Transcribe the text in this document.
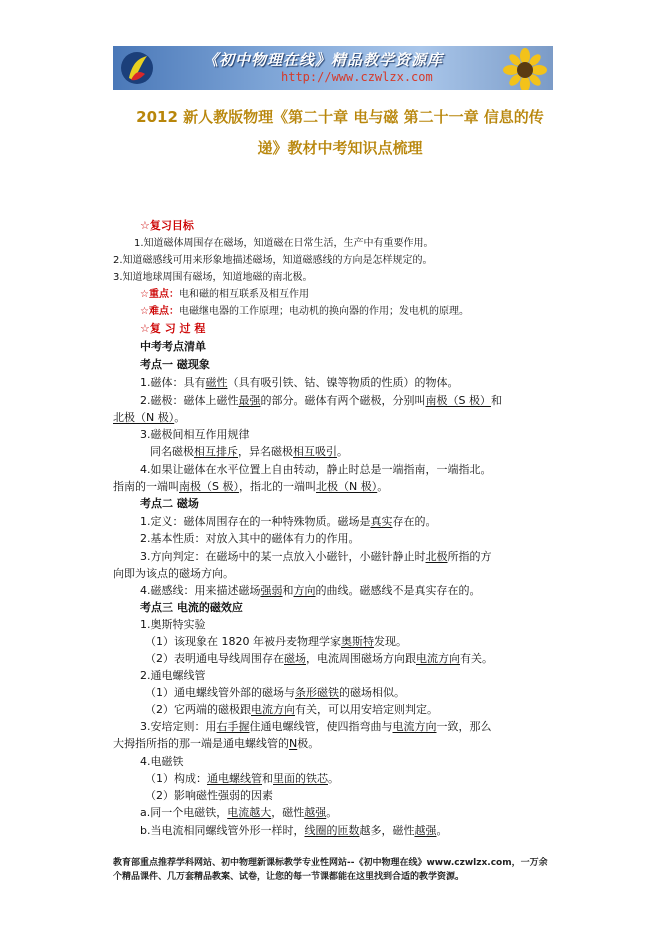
《初中物理在线》精品教学资源库
http://www.czwlzx.com
2012 新人教版物理《第二十章 电与磁 第二十一章 信息的传
递》教材中考知识点梳理
☆复习目标
1.知道磁体周围存在磁场，知道磁在日常生活，生产中有重要作用。
2.知道磁感线可用来形象地描述磁场，知道磁感线的方向是怎样规定的。
3.知道地球周围有磁场，知道地磁的南北极。
☆重点：电和磁的相互联系及相互作用
☆难点：电磁继电器的工作原理；电动机的换向器的作用；发电机的原理。
☆复 习 过 程
中考考点清单
考点一 磁现象
1.磁体：具有磁性（具有吸引铁、钴、镍等物质的性质）的物体。
2.磁极：磁体上磁性最强的部分。磁体有两个磁极，分别叫南极（S 极）和
北极（N 极）。
3.磁极间相互作用规律
同名磁极相互排斥，异名磁极相互吸引。
4.如果让磁体在水平位置上自由转动，静止时总是一端指南，一端指北。
指南的一端叫南极（S 极），指北的一端叫北极（N 极）。
考点二 磁场
1.定义：磁体周围存在的一种特殊物质。磁场是真实存在的。
2.基本性质：对放入其中的磁体有力的作用。
3.方向判定：在磁场中的某一点放入小磁针，小磁针静止时北极所指的方
向即为该点的磁场方向。
4.磁感线：用来描述磁场强弱和方向的曲线。磁感线不是真实存在的。
考点三 电流的磁效应
1.奥斯特实验
（1）该现象在 1820 年被丹麦物理学家奥斯特发现。
（2）表明通电导线周围存在磁场，电流周围磁场方向跟电流方向有关。
2.通电螺线管
（1）通电螺线管外部的磁场与条形磁铁的磁场相似。
（2）它两端的磁极跟电流方向有关，可以用安培定则判定。
3.安培定则：用右手握住通电螺线管，使四指弯曲与电流方向一致，那么
大拇指所指的那一端是通电螺线管的N极。
4.电磁铁
（1）构成：通电螺线管和里面的铁芯。
（2）影响磁性强弱的因素
a.同一个电磁铁，电流越大，磁性越强。
b.当电流相同螺线管外形一样时，线圈的匝数越多，磁性越强。
教育部重点推荐学科网站、初中物理新课标教学专业性网站--《初中物理在线》www.czwlzx.com，一万余
个精品课件、几万套精品教案、试卷，让您的每一节课都能在这里找到合适的教学资源。
